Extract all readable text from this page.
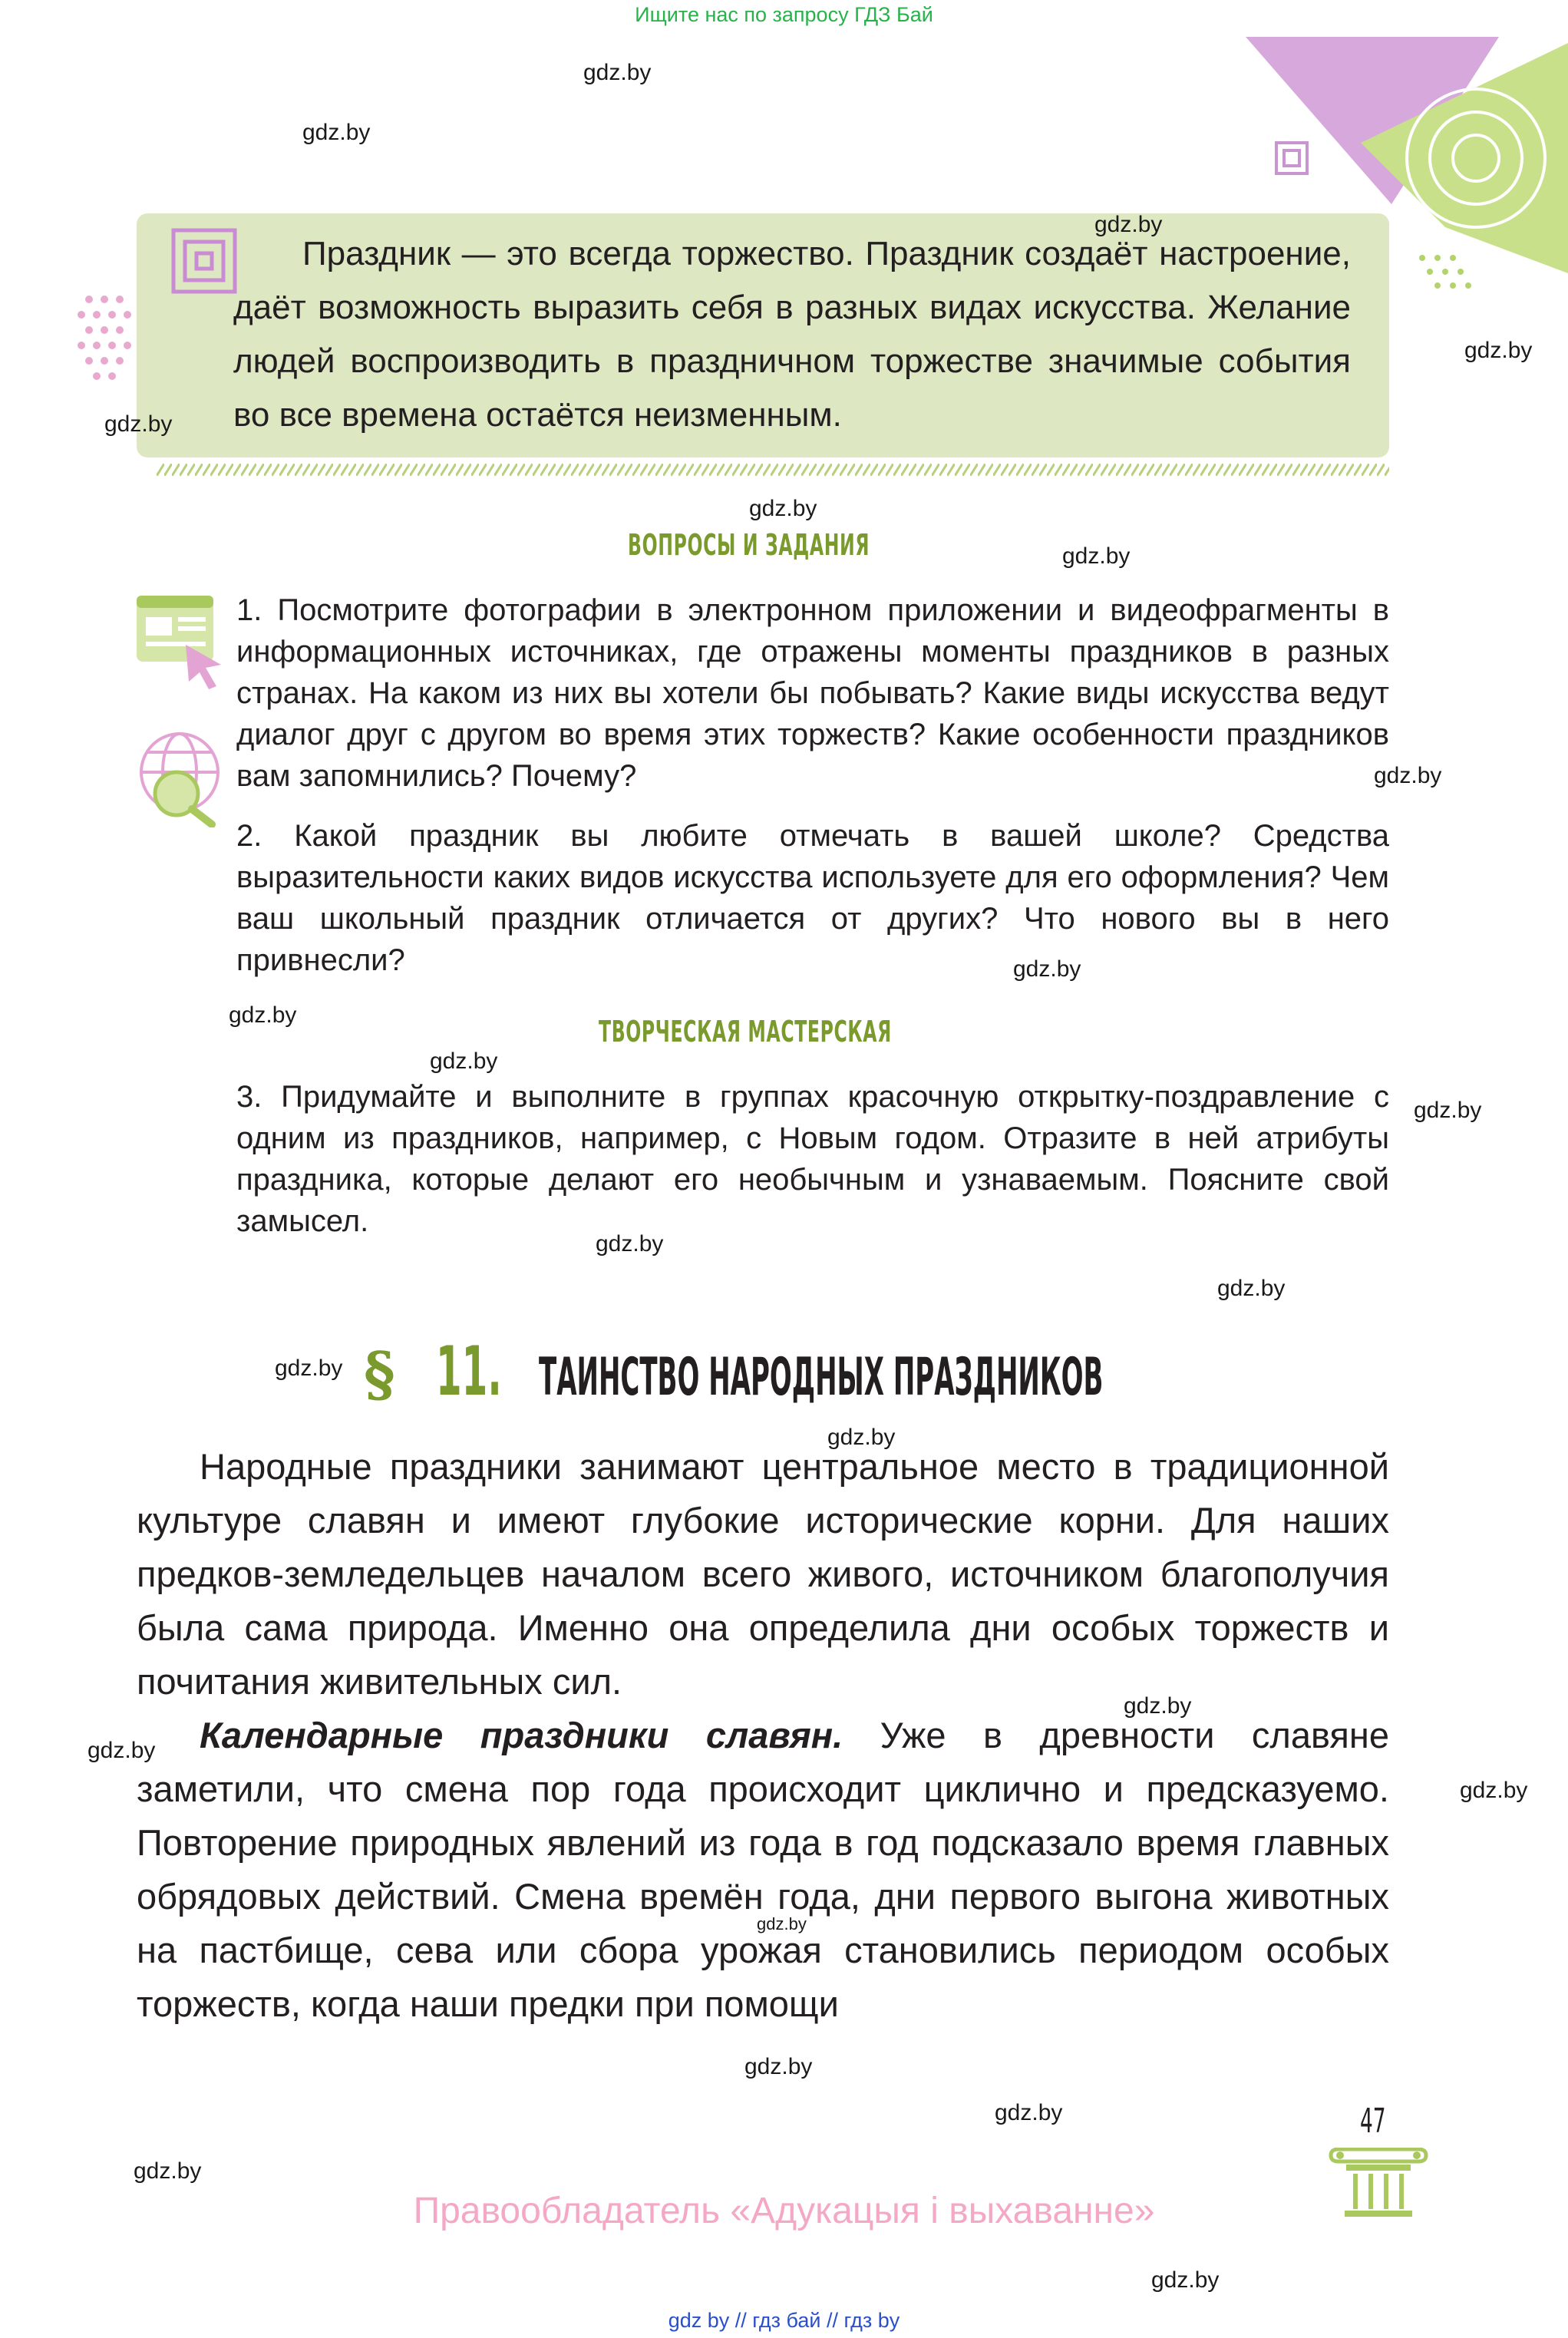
Ищите нас по запросу ГДЗ Бай
Праздник — это всегда торжество. Праздник создаёт настроение, даёт возможность выразить себя в разных видах искусства. Желание людей воспроизводить в праздничном торжестве значимые события во все времена остаётся неизменным.
ВОПРОСЫ И ЗАДАНИЯ
1. Посмотрите фотографии в электронном приложении и видеофрагменты в информационных источниках, где отражены моменты праздников в разных странах. На каком из них вы хотели бы побывать? Какие виды искусства ведут диалог друг с другом во время этих торжеств? Какие особенности праздников вам запомнились? Почему?
2. Какой праздник вы любите отмечать в вашей школе? Средства выразительности каких видов искусства используете для его оформления? Чем ваш школьный праздник отличается от других? Что нового вы в него привнесли?
ТВОРЧЕСКАЯ МАСТЕРСКАЯ
3. Придумайте и выполните в группах красочную открытку-поздравление с одним из праздников, например, с Новым годом. Отразите в ней атрибуты праздника, которые делают его необычным и узнаваемым. Поясните свой замысел.
§ 11. ТАИНСТВО НАРОДНЫХ ПРАЗДНИКОВ
Народные праздники занимают центральное место в традиционной культуре славян и имеют глубокие исторические корни. Для наших предков-земледельцев началом всего живого, источником благополучия была сама природа. Именно она определила дни особых торжеств и почитания живительных сил.
Календарные праздники славян. Уже в древности славяне заметили, что смена пор года происходит циклично и предсказуемо. Повторение природных явлений из года в год подсказало время главных обрядовых действий. Смена времён года, дни первого выгона животных на пастбище, сева или сбора урожая становились периодом особых торжеств, когда наши предки при помощи
47
Правообладатель «Адукацыя і выхаванне»
gdz by // гдз бай // гдз by
gdz.by
gdz.by
gdz.by
gdz.by
gdz.by
gdz.by
gdz.by
gdz.by
gdz.by
gdz.by
gdz.by
gdz.by
gdz.by
gdz.by
gdz.by
gdz.by
gdz.by
gdz.by
gdz.by
gdz.by
gdz.by
gdz.by
gdz.by
gdz.by
